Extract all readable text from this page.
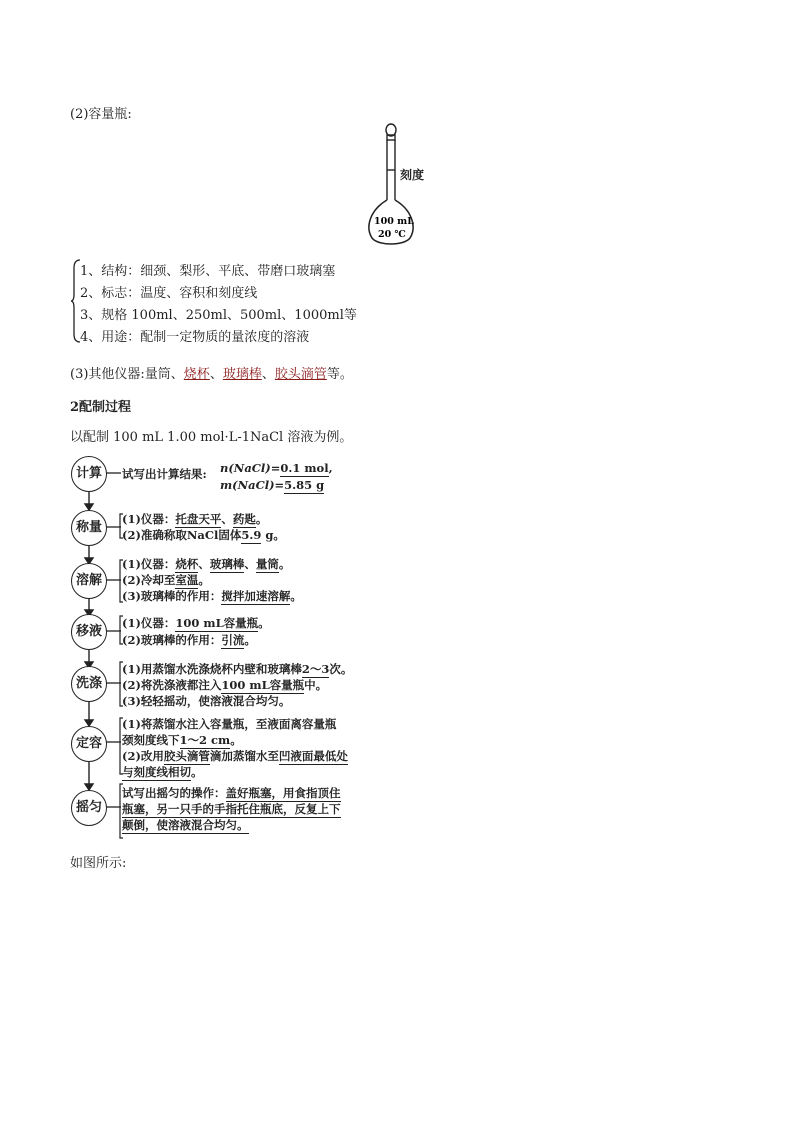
(2)容量瓶:
100 mL
20 ℃
刻度
1、结构：细颈、梨形、平底、带磨口玻璃塞
2、标志：温度、容积和刻度线
3、规格 100ml、250ml、500ml、1000ml等
4、用途：配制一定物质的量浓度的溶液
(3)其他仪器:量筒、烧杯、玻璃棒、胶头滴管等。
2配制过程
以配制 100 mL 1.00 mol·L-1NaCl 溶液为例。
计算
称量
溶解
移液
洗涤
定容
摇匀
试写出计算结果: n(NaCl)=0.1 mol,
m(NaCl)=5.85 g
(1)仪器：托盘天平、药匙。
(2)准确称取NaCl固体5.9 g。
(1)仪器：烧杯、玻璃棒、量筒。
(2)冷却至室温。
(3)玻璃棒的作用：搅拌加速溶解。
(1)仪器：100 mL容量瓶。
(2)玻璃棒的作用：引流。
(1)用蒸馏水洗涤烧杯内壁和玻璃棒2～3次。
(2)将洗涤液都注入100 mL容量瓶中。
(3)轻轻摇动，使溶液混合均匀。
(1)将蒸馏水注入容量瓶，至液面离容量瓶
颈刻度线下1～2 cm。
(2)改用胶头滴管滴加蒸馏水至凹液面最低处
与刻度线相切。
试写出摇匀的操作：盖好瓶塞，用食指顶住
瓶塞，另一只手的手指托住瓶底，反复上下
颠倒，使溶液混合均匀。
如图所示:
